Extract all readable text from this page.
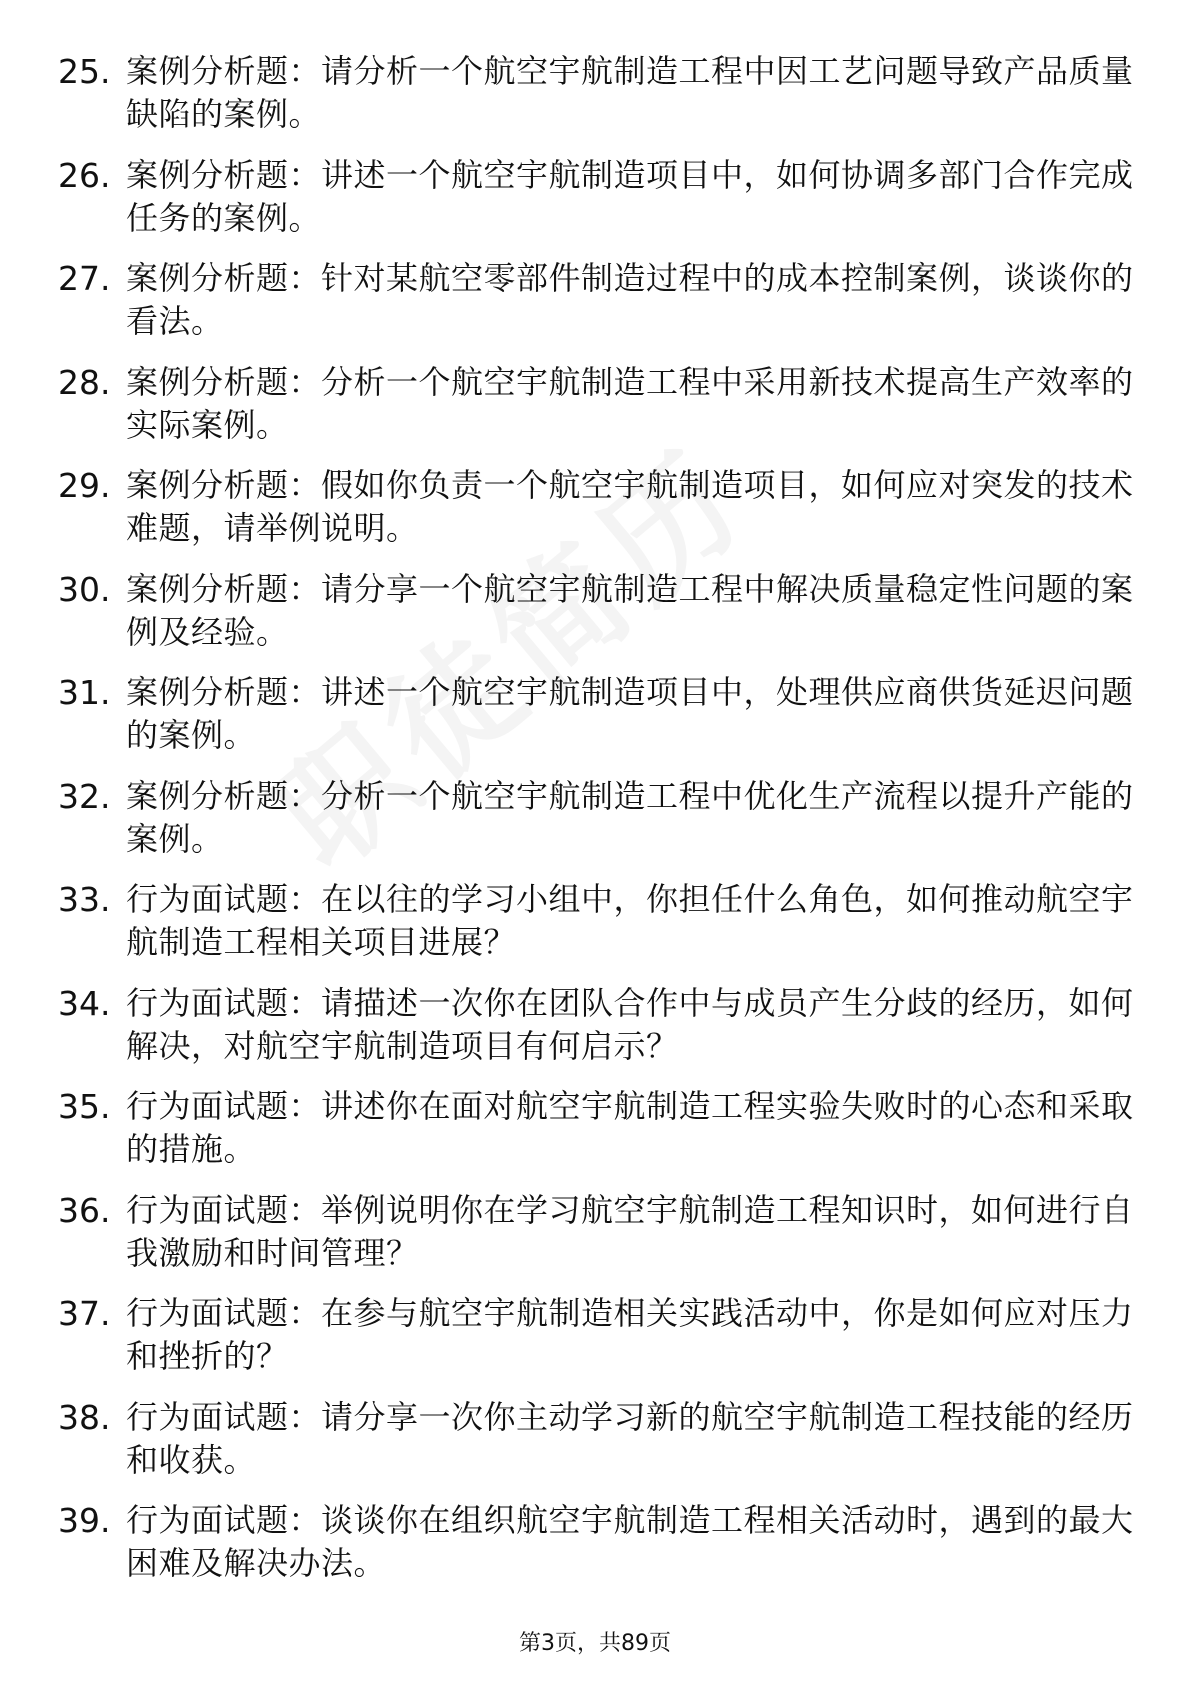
25. 案例分析题：请分析一个航空宇航制造工程中因工艺问题导致产品质量缺陷的案例。
26. 案例分析题：讲述一个航空宇航制造项目中，如何协调多部门合作完成任务的案例。
27. 案例分析题：针对某航空零部件制造过程中的成本控制案例，谈谈你的看法。
28. 案例分析题：分析一个航空宇航制造工程中采用新技术提高生产效率的实际案例。
29. 案例分析题：假如你负责一个航空宇航制造项目，如何应对突发的技术难题，请举例说明。
30. 案例分析题：请分享一个航空宇航制造工程中解决质量稳定性问题的案例及经验。
31. 案例分析题：讲述一个航空宇航制造项目中，处理供应商供货延迟问题的案例。
32. 案例分析题：分析一个航空宇航制造工程中优化生产流程以提升产能的案例。
33. 行为面试题：在以往的学习小组中，你担任什么角色，如何推动航空宇航制造工程相关项目进展？
34. 行为面试题：请描述一次你在团队合作中与成员产生分歧的经历，如何解决，对航空宇航制造项目有何启示？
35. 行为面试题：讲述你在面对航空宇航制造工程实验失败时的心态和采取的措施。
36. 行为面试题：举例说明你在学习航空宇航制造工程知识时，如何进行自我激励和时间管理？
37. 行为面试题：在参与航空宇航制造相关实践活动中，你是如何应对压力和挫折的？
38. 行为面试题：请分享一次你主动学习新的航空宇航制造工程技能的经历和收获。
39. 行为面试题：谈谈你在组织航空宇航制造工程相关活动时，遇到的最大困难及解决办法。
第3页，共89页
